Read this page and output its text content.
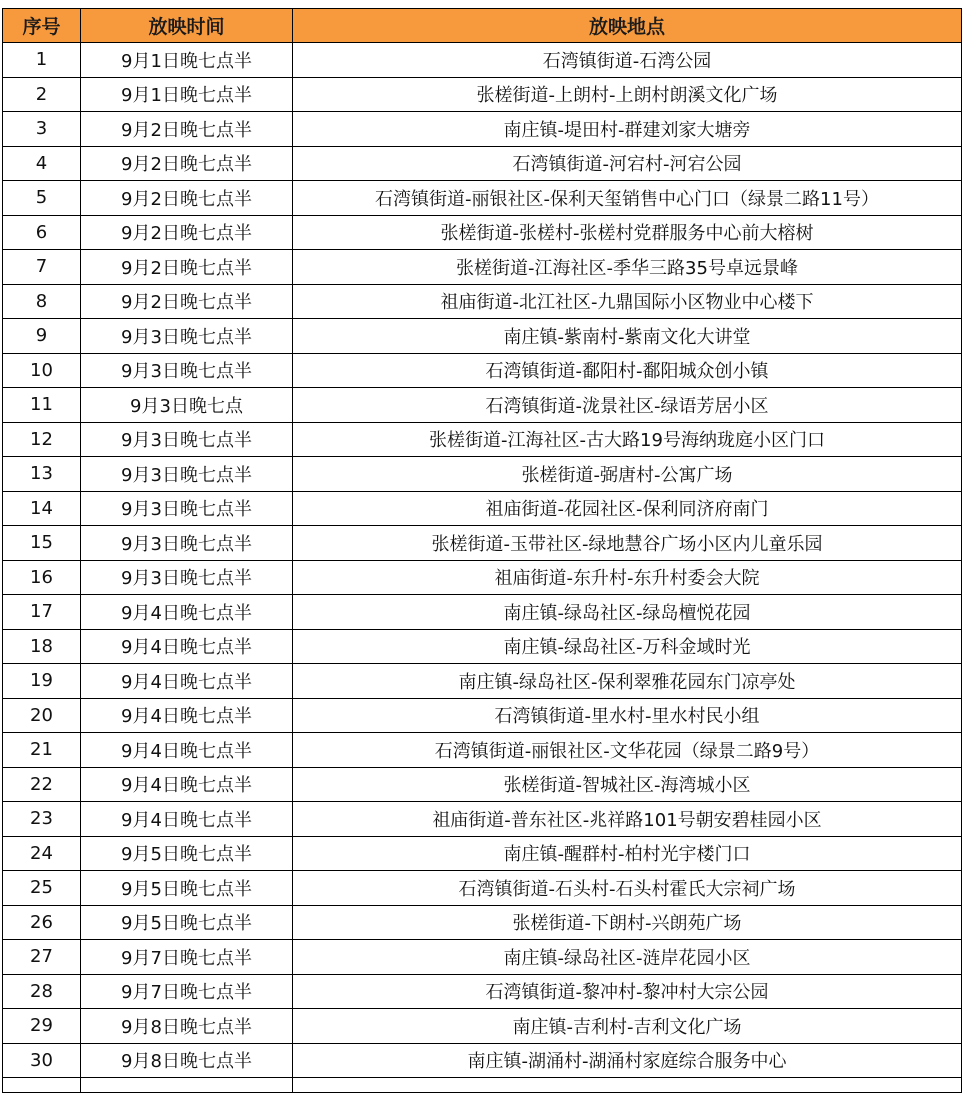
序号	放映时间	放映地点
1	9月1日晚七点半	石湾镇街道-石湾公园
2	9月1日晚七点半	张槎街道-上朗村-上朗村朗溪文化广场
3	9月2日晚七点半	南庄镇-堤田村-群建刘家大塘旁
4	9月2日晚七点半	石湾镇街道-河宕村-河宕公园
5	9月2日晚七点半	石湾镇街道-丽银社区-保利天玺销售中心门口（绿景二路11号）
6	9月2日晚七点半	张槎街道-张槎村-张槎村党群服务中心前大榕树
7	9月2日晚七点半	张槎街道-江海社区-季华三路35号卓远景峰
8	9月2日晚七点半	祖庙街道-北江社区-九鼎国际小区物业中心楼下
9	9月3日晚七点半	南庄镇-紫南村-紫南文化大讲堂
10	9月3日晚七点半	石湾镇街道-鄱阳村-鄱阳城众创小镇
11	9月3日晚七点	石湾镇街道-泷景社区-绿语芳居小区
12	9月3日晚七点半	张槎街道-江海社区-古大路19号海纳珑庭小区门口
13	9月3日晚七点半	张槎街道-弼唐村-公寓广场
14	9月3日晚七点半	祖庙街道-花园社区-保利同济府南门
15	9月3日晚七点半	张槎街道-玉带社区-绿地慧谷广场小区内儿童乐园
16	9月3日晚七点半	祖庙街道-东升村-东升村委会大院
17	9月4日晚七点半	南庄镇-绿岛社区-绿岛檀悦花园
18	9月4日晚七点半	南庄镇-绿岛社区-万科金域时光
19	9月4日晚七点半	南庄镇-绿岛社区-保利翠雅花园东门凉亭处
20	9月4日晚七点半	石湾镇街道-里水村-里水村民小组
21	9月4日晚七点半	石湾镇街道-丽银社区-文华花园（绿景二路9号）
22	9月4日晚七点半	张槎街道-智城社区-海湾城小区
23	9月4日晚七点半	祖庙街道-普东社区-兆祥路101号朝安碧桂园小区
24	9月5日晚七点半	南庄镇-醒群村-柏村光宇楼门口
25	9月5日晚七点半	石湾镇街道-石头村-石头村霍氏大宗祠广场
26	9月5日晚七点半	张槎街道-下朗村-兴朗苑广场
27	9月7日晚七点半	南庄镇-绿岛社区-涟岸花园小区
28	9月7日晚七点半	石湾镇街道-黎冲村-黎冲村大宗公园
29	9月8日晚七点半	南庄镇-吉利村-吉利文化广场
30	9月8日晚七点半	南庄镇-湖涌村-湖涌村家庭综合服务中心
